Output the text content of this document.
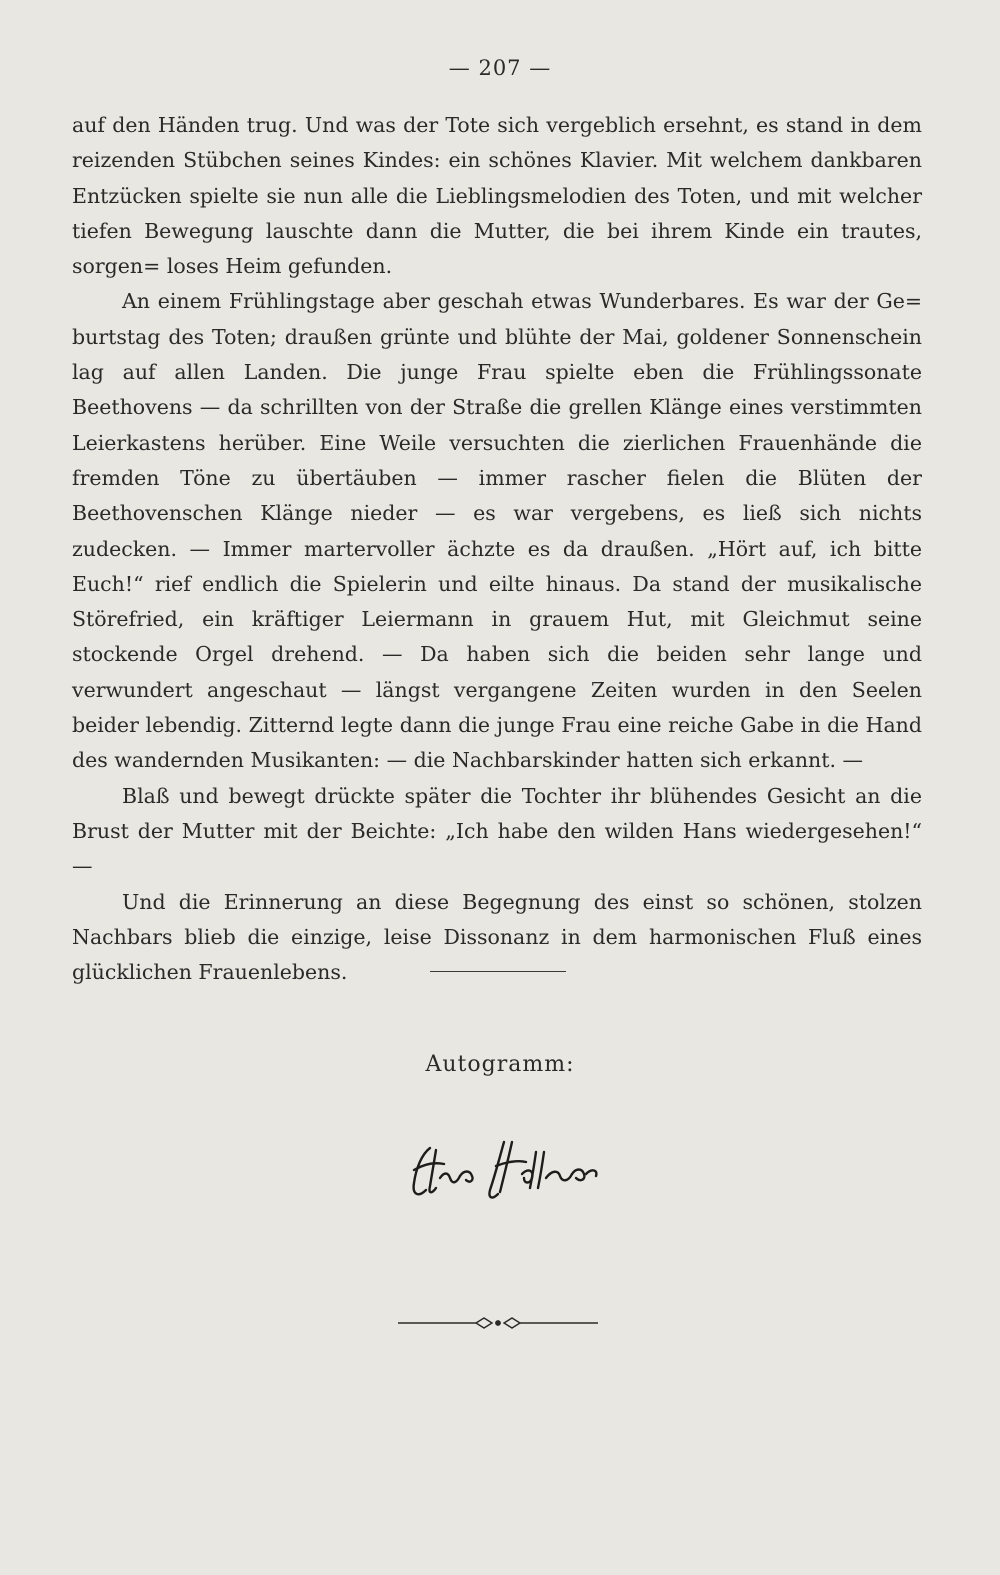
— 207 —

auf den Händen trug. Und was der Tote sich vergeblich ersehnt, es stand in dem reizenden Stübchen seines Kindes: ein schönes Klavier. Mit welchem dankbaren Entzücken spielte sie nun alle die Lieblingsmelodien des Toten, und mit welcher tiefen Bewegung lauschte dann die Mutter, die bei ihrem Kinde ein trautes, sorgen= loses Heim gefunden.

An einem Frühlingstage aber geschah etwas Wunderbares. Es war der Ge= burtstag des Toten; draußen grünte und blühte der Mai, goldener Sonnenschein lag auf allen Landen. Die junge Frau spielte eben die Frühlingssonate Beethovens — da schrillten von der Straße die grellen Klänge eines verstimmten Leierkastens herüber. Eine Weile versuchten die zierlichen Frauenhände die fremden Töne zu übertäuben — immer rascher fielen die Blüten der Beethovenschen Klänge nieder — es war vergebens, es ließ sich nichts zudecken. — Immer martervoller ächzte es da draußen. „Hört auf, ich bitte Euch!“ rief endlich die Spielerin und eilte hinaus. Da stand der musikalische Störefried, ein kräftiger Leiermann in grauem Hut, mit Gleichmut seine stockende Orgel drehend. — Da haben sich die beiden sehr lange und verwundert angeschaut — längst vergangene Zeiten wurden in den Seelen beider lebendig. Zitternd legte dann die junge Frau eine reiche Gabe in die Hand des wandernden Musikanten: — die Nachbarskinder hatten sich erkannt. —

Blaß und bewegt drückte später die Tochter ihr blühendes Gesicht an die Brust der Mutter mit der Beichte: „Ich habe den wilden Hans wiedergesehen!“ —

Und die Erinnerung an diese Begegnung des einst so schönen, stolzen Nachbars blieb die einzige, leise Dissonanz in dem harmonischen Fluß eines glücklichen Frauenlebens.

Autogramm:
